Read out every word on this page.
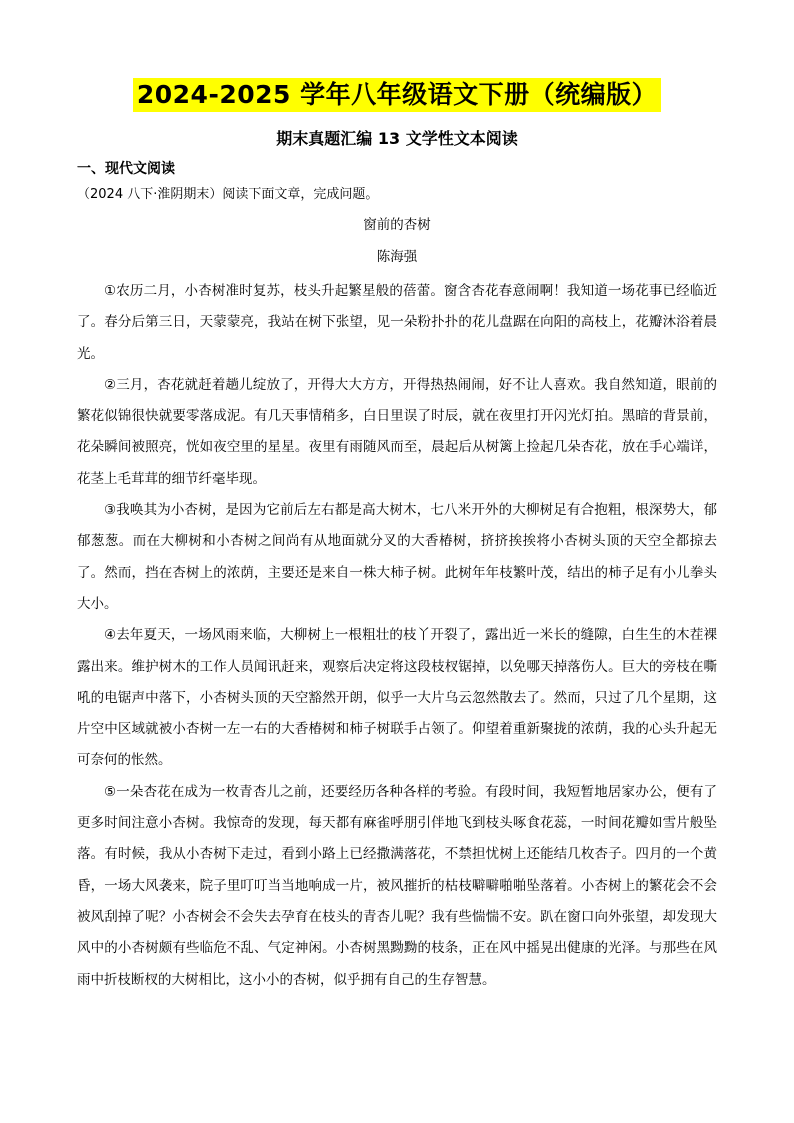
2024-2025 学年八年级语文下册（统编版）
期末真题汇编 13 文学性文本阅读
一、现代文阅读
（2024 八下·淮阴期末）阅读下面文章，完成问题。
窗前的杏树
陈海强

①农历二月，小杏树准时复苏，枝头升起繁星般的蓓蕾。窗含杏花春意闹啊！我知道一场花事已经临近了。春分后第三日，天蒙蒙亮，我站在树下张望，见一朵粉扑扑的花儿盘踞在向阳的高枝上，花瓣沐浴着晨光。

②三月，杏花就赶着趟儿绽放了，开得大大方方，开得热热闹闹，好不让人喜欢。我自然知道，眼前的繁花似锦很快就要零落成泥。有几天事情稍多，白日里误了时辰，就在夜里打开闪光灯拍。黑暗的背景前，花朵瞬间被照亮，恍如夜空里的星星。夜里有雨随风而至，晨起后从树篱上捡起几朵杏花，放在手心端详，花茎上毛茸茸的细节纤毫毕现。

③我唤其为小杏树，是因为它前后左右都是高大树木，七八米开外的大柳树足有合抱粗，根深势大，郁郁葱葱。而在大柳树和小杏树之间尚有从地面就分叉的大香椿树，挤挤挨挨将小杏树头顶的天空全都掠去了。然而，挡在杏树上的浓荫，主要还是来自一株大柿子树。此树年年枝繁叶茂，结出的柿子足有小儿拳头大小。

④去年夏天，一场风雨来临，大柳树上一根粗壮的枝丫开裂了，露出近一米长的缝隙，白生生的木茬裸露出来。维护树木的工作人员闻讯赶来，观察后决定将这段枝杈锯掉，以免哪天掉落伤人。巨大的旁枝在嘶吼的电锯声中落下，小杏树头顶的天空豁然开朗，似乎一大片乌云忽然散去了。然而，只过了几个星期，这片空中区域就被小杏树一左一右的大香椿树和柿子树联手占领了。仰望着重新聚拢的浓荫，我的心头升起无可奈何的怅然。

⑤一朵杏花在成为一枚青杏儿之前，还要经历各种各样的考验。有段时间，我短暂地居家办公，便有了更多时间注意小杏树。我惊奇的发现，每天都有麻雀呼朋引伴地飞到枝头啄食花蕊，一时间花瓣如雪片般坠落。有时候，我从小杏树下走过，看到小路上已经撒满落花，不禁担忧树上还能结几枚杏子。四月的一个黄昏，一场大风袭来，院子里叮叮当当地响成一片，被风摧折的枯枝噼噼啪啪坠落着。小杏树上的繁花会不会被风刮掉了呢？小杏树会不会失去孕育在枝头的青杏儿呢？我有些惴惴不安。趴在窗口向外张望，却发现大风中的小杏树颇有些临危不乱、气定神闲。小杏树黑黝黝的枝条，正在风中摇晃出健康的光泽。与那些在风雨中折枝断杈的大树相比，这小小的杏树，似乎拥有自己的生存智慧。
